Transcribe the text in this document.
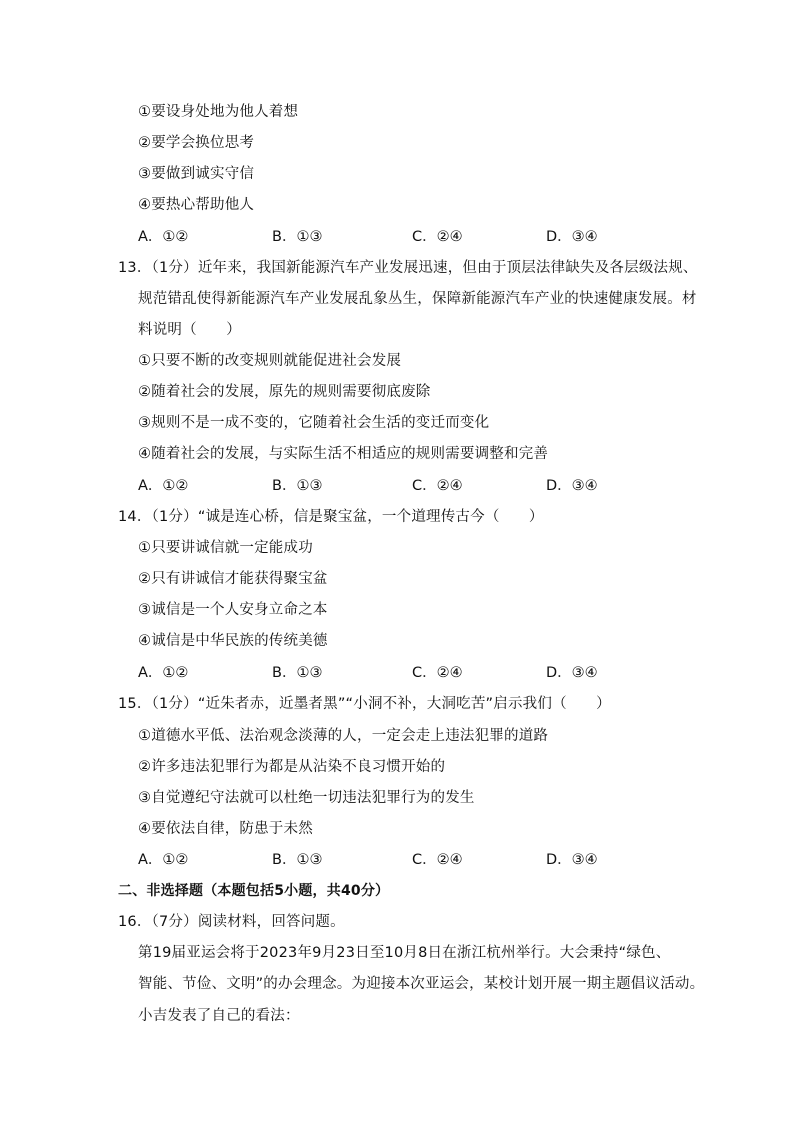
①要设身处地为他人着想
②要学会换位思考
③要做到诚实守信
④要热心帮助他人
A．①②	B．①③	C．②④	D．③④
13．（1分）近年来，我国新能源汽车产业发展迅速，但由于顶层法律缺失及各层级法规、
规范错乱使得新能源汽车产业发展乱象丛生，保障新能源汽车产业的快速健康发展。材
料说明（　　）
①只要不断的改变规则就能促进社会发展
②随着社会的发展，原先的规则需要彻底废除
③规则不是一成不变的，它随着社会生活的变迁而变化
④随着社会的发展，与实际生活不相适应的规则需要调整和完善
A．①②	B．①③	C．②④	D．③④
14．（1分）“诚是连心桥，信是聚宝盆，一个道理传古今（　　）
①只要讲诚信就一定能成功
②只有讲诚信才能获得聚宝盆
③诚信是一个人安身立命之本
④诚信是中华民族的传统美德
A．①②	B．①③	C．②④	D．③④
15．（1分）“近朱者赤，近墨者黑”“小洞不补，大洞吃苦”启示我们（　　）
①道德水平低、法治观念淡薄的人，一定会走上违法犯罪的道路
②许多违法犯罪行为都是从沾染不良习惯开始的
③自觉遵纪守法就可以杜绝一切违法犯罪行为的发生
④要依法自律，防患于未然
A．①②	B．①③	C．②④	D．③④
二、非选择题（本题包括5小题，共40分）
16．（7分）阅读材料，回答问题。
第19届亚运会将于2023年9月23日至10月8日在浙江杭州举行。大会秉持“绿色、
智能、节俭、文明”的办会理念。为迎接本次亚运会，某校计划开展一期主题倡议活动。
小吉发表了自己的看法：
